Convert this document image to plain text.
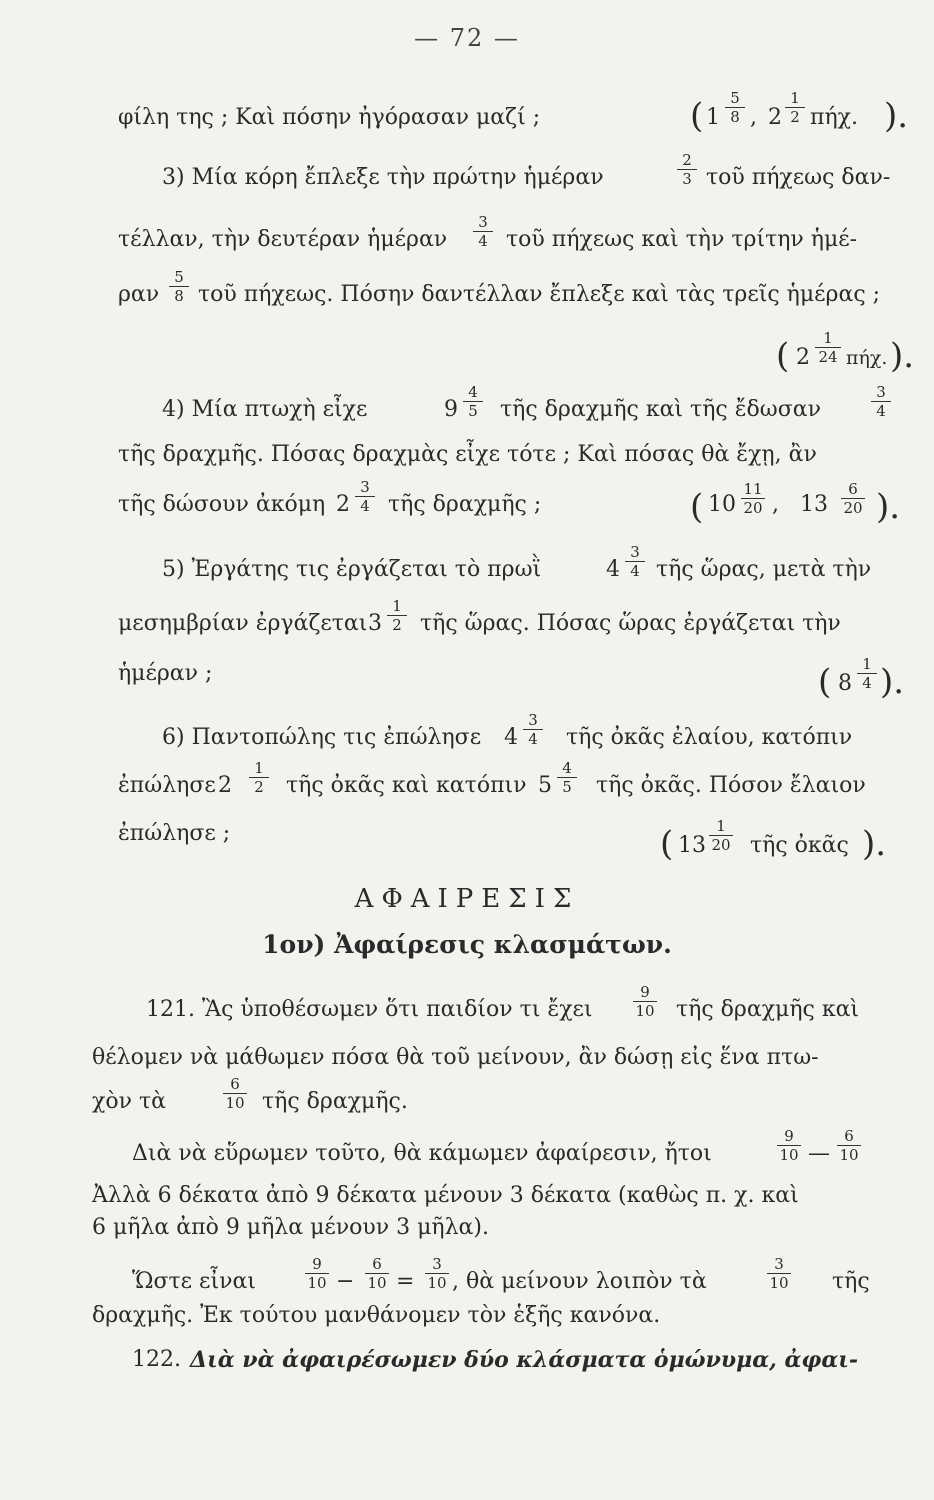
— 72 —
φίλη της ; Καὶ πόσην ἠγόρασαν μαζί ;	( 1
5
8 , 2
1
2 πήχ. ).
3) Μία κόρη ἔπλεξε τὴν πρώτην ἡμέραν
2
3 τοῦ πήχεως δαν-
τέλλαν, τὴν δευτέραν ἡμέραν
3
4 τοῦ πήχεως καὶ τὴν τρίτην ἡμέ-
ραν
5
8 τοῦ πήχεως. Πόσην δαντέλλαν ἔπλεξε καὶ τὰς τρεῖς ἡμέρας ;
( 2
1
24 πήχ. ).
4) Μία πτωχὴ εἶχε	9
4
5 τῆς δραχμῆς καὶ τῆς ἔδωσαν
3
4
τῆς δραχμῆς. Πόσας δραχμὰς εἶχε τότε ; Καὶ πόσας θὰ ἔχῃ, ἂν
τῆς δώσουν ἀκόμη 2
3
4 τῆς δραχμῆς ;	( 10
11
20 , 13
6
20 ).
5) Ἐργάτης τις ἐργάζεται τὸ πρωῒ	4
3
4 τῆς ὥρας, μετὰ τὴν
μεσημβρίαν ἐργάζεται 3
1
2 τῆς ὥρας. Πόσας ὥρας ἐργάζεται τὴν
ἡμέραν ;	( 8
1
4 ).
6) Παντοπώλης τις ἐπώλησε 4
3
4 τῆς ὀκᾶς ἐλαίου, κατόπιν
ἐπώλησε 2
1
2 τῆς ὀκᾶς καὶ κατόπιν 5
4
5 τῆς ὀκᾶς. Πόσον ἔλαιον
ἐπώλησε ;	( 13
1
20 τῆς ὀκᾶς ).
ΑΦΑΙΡΕΣΙΣ
1ον) Ἀφαίρεσις κλασμάτων.
121. Ἂς ὑποθέσωμεν ὅτι παιδίον τι ἔχει
9
10 τῆς δραχμῆς καὶ
θέλομεν νὰ μάθωμεν πόσα θὰ τοῦ μείνουν, ἂν δώσῃ εἰς ἕνα πτω-
χὸν τὰ
6
10 τῆς δραχμῆς.
Διὰ νὰ εὕρωμεν τοῦτο, θὰ κάμωμεν ἀφαίρεσιν, ἤτοι
9
10 —
6
10
Ἀλλὰ 6 δέκατα ἀπὸ 9 δέκατα μένουν 3 δέκατα (καθὼς π. χ. καὶ
6 μῆλα ἀπὸ 9 μῆλα μένουν 3 μῆλα).
Ὥστε εἶναι
9
10 −
6
10 =
3
10 , θὰ μείνουν λοιπὸν τὰ
3
10 τῆς
δραχμῆς. Ἐκ τούτου μανθάνομεν τὸν ἑξῆς κανόνα.
122. Διὰ νὰ ἀφαιρέσωμεν δύο κλάσματα ὁμώνυμα, ἀφαι-
